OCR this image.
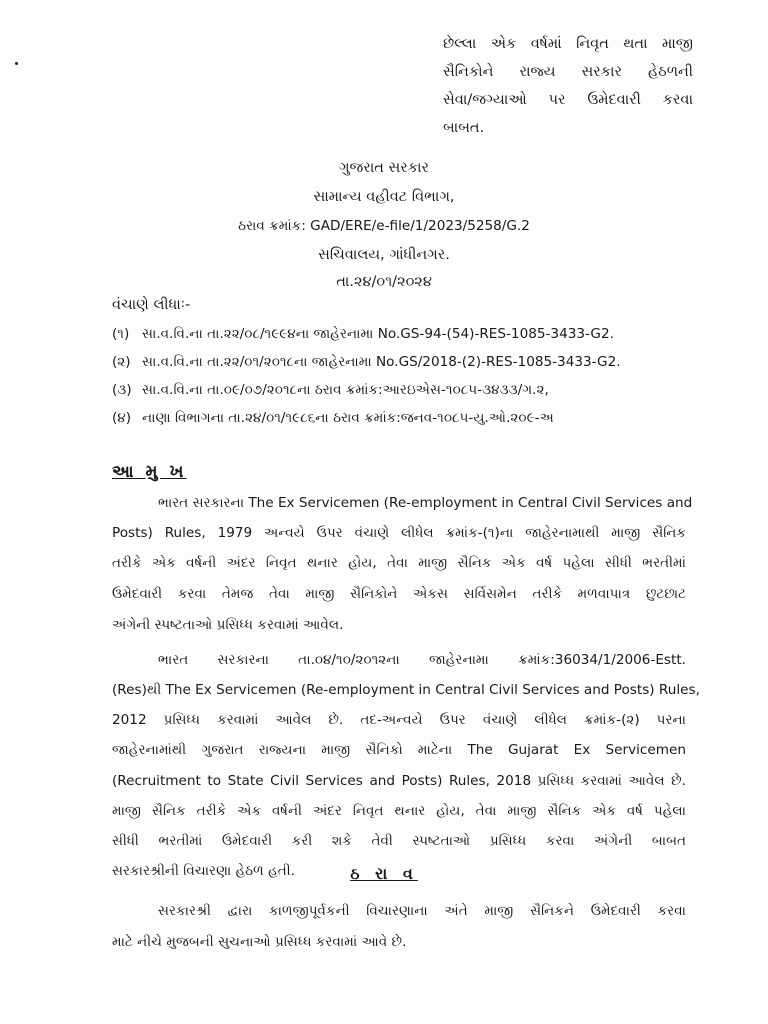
છેલ્લા એક વર્ષમાં નિવૃત થતા માજી
સૈનિકોને રાજ્ય સરકાર હેઠળની
સેવા/જગ્યાઓ પર ઉમેદવારી કરવા
બાબત.
ગુજરાત સરકાર
સામાન્ય વહીવટ વિભાગ,
ઠરાવ ક્રમાંક: GAD/ERE/e-file/1/2023/5258/G.2
સચિવાલય, ગાંધીનગર.
તા.૨૪/૦૧/૨૦૨૪
વંચાણે લીધાઃ-
(૧) સા.વ.વિ.ના તા.૨૨/૦૮/૧૯૯૪ના જાહેરનામા No.GS-94-(54)-RES-1085-3433-G2.
(૨) સા.વ.વિ.ના તા.૨૨/૦૧/૨૦૧૮ના જાહેરનામા No.GS/2018-(2)-RES-1085-3433-G2.
(૩) સા.વ.વિ.ના તા.૦૯/૦૭/૨૦૧૮ના ઠરાવ ક્રમાંક:આરઇએસ-૧૦૮૫-૩૪૩૩/ગ.૨,
(૪) નાણા વિભાગના તા.૨૪/૦૧/૧૯૮૬ના ઠરાવ ક્રમાંક:જનવ-૧૦૮૫-યુ.ઓ.૨૦૯-અ
આ મુ ખ
ભારત સરકારના The Ex Servicemen (Re-employment in Central Civil Services and
Posts) Rules, 1979 અન્વયે ઉપર વંચાણે લીધેલ ક્રમાંક-(૧)ના જાહેરનામાથી માજી સૈનિક
તરીકે એક વર્ષની અંદર નિવૃત થનાર હોય, તેવા માજી સૈનિક એક વર્ષ પહેલા સીધી ભરતીમાં
ઉમેદવારી કરવા તેમજ તેવા માજી સૈનિકોને એકસ સર્વિસમેન તરીકે મળવાપાત્ર છુટછાટ
અંગેની સ્પષ્ટતાઓ પ્રસિધ્ધ કરવામાં આવેલ.
ભારત સરકારના તા.૦૪/૧૦/૨૦૧૨ના જાહેરનામા ક્રમાંક:36034/1/2006-Estt.
(Res)થી The Ex Servicemen (Re-employment in Central Civil Services and Posts) Rules,
2012 પ્રસિધ્ધ કરવામાં આવેલ છે. તદ-અન્વયે ઉપર વંચાણે લીધેલ ક્રમાંક-(૨) પરના
જાહેરનામાંથી ગુજરાત રાજ્યના માજી સૈનિકો માટેના The Gujarat Ex Servicemen
(Recruitment to State Civil Services and Posts) Rules, 2018 પ્રસિધ્ધ કરવામાં આવેલ છે.
માજી સૈનિક તરીકે એક વર્ષની અંદર નિવૃત થનાર હોય, તેવા માજી સૈનિક એક વર્ષ પહેલા
સીધી ભરતીમાં ઉમેદવારી કરી શકે તેવી સ્પષ્ટતાઓ પ્રસિધ્ધ કરવા અંગેની બાબત
સરકારશ્રીની વિચારણા હેઠળ હતી.	ઠ રા વ
સરકારશ્રી દ્વારા કાળજીપૂર્વકની વિચારણાના અંતે માજી સૈનિકને ઉમેદવારી કરવા
માટે નીચે મુજબની સુચનાઓ પ્રસિધ્ધ કરવામાં આવે છે.
